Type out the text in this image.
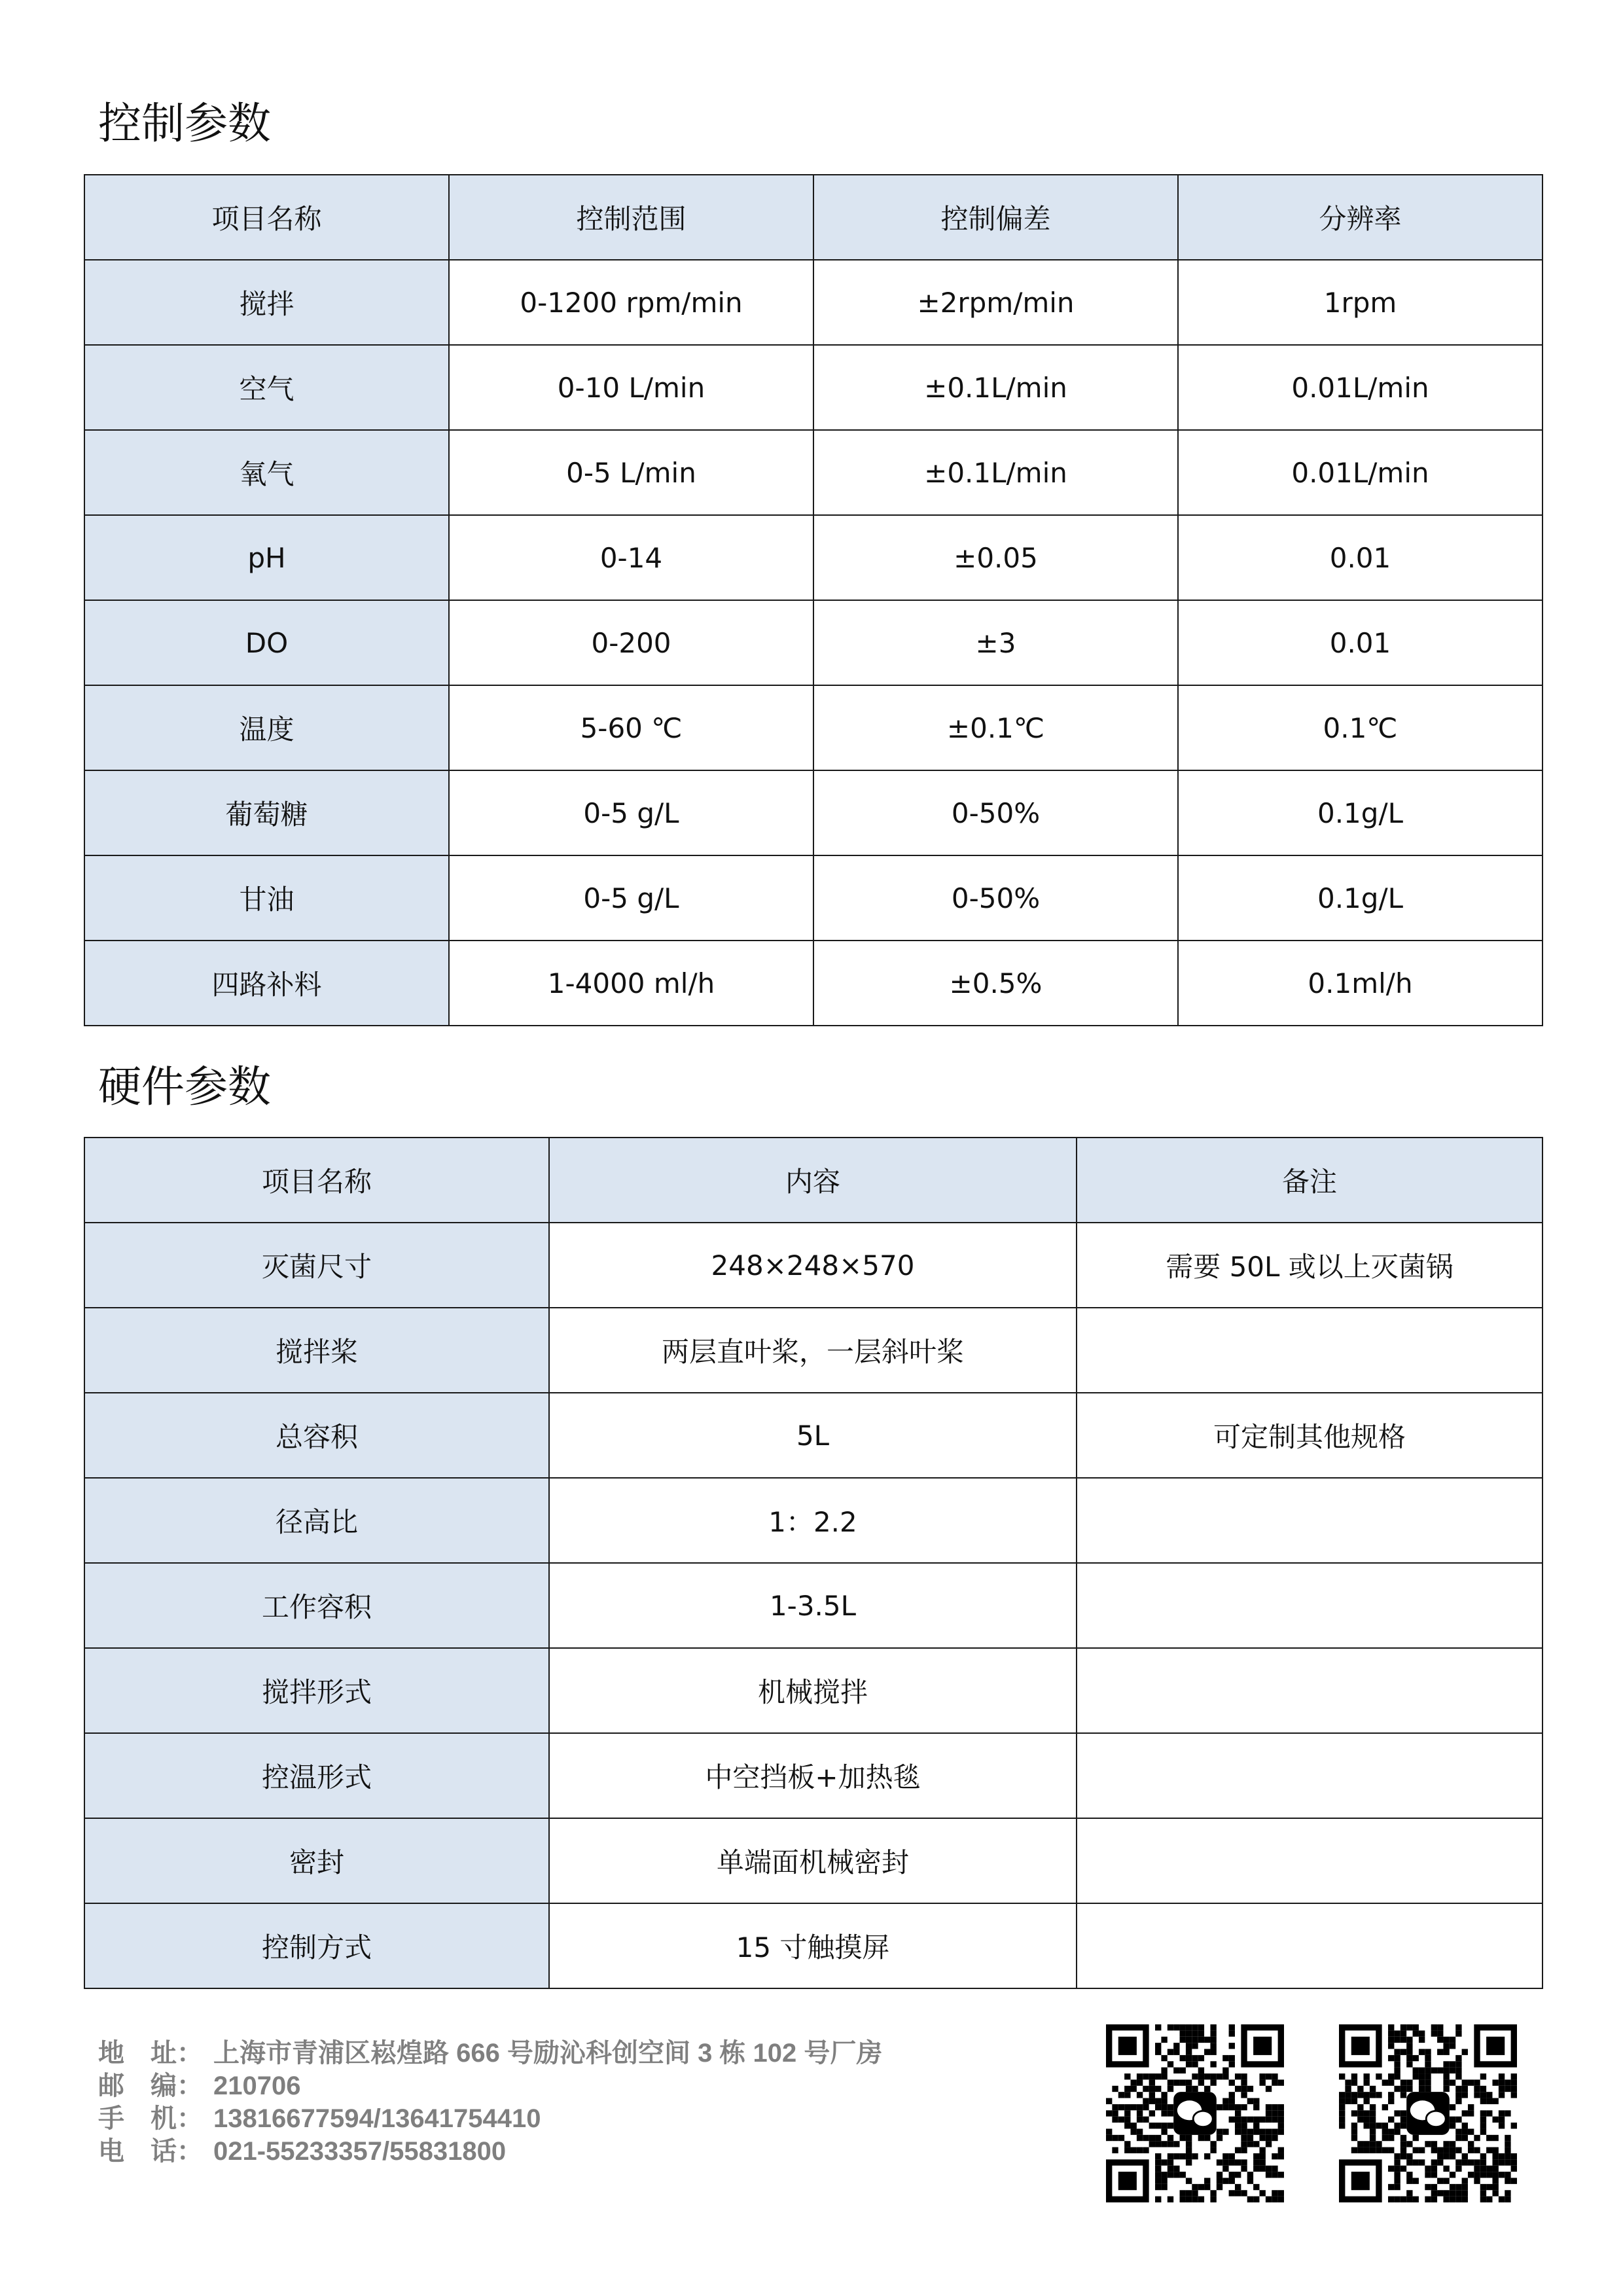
控制参数
项目名称	控制范围	控制偏差	分辨率
搅拌	0-1200 rpm/min	±2rpm/min	1rpm
空气	0-10 L/min	±0.1L/min	0.01L/min
氧气	0-5 L/min	±0.1L/min	0.01L/min
pH	0-14	±0.05	0.01
DO	0-200	±3	0.01
温度	5-60 ℃	±0.1℃	0.1℃
葡萄糖	0-5 g/L	0-50%	0.1g/L
甘油	0-5 g/L	0-50%	0.1g/L
四路补料	1-4000 ml/h	±0.5%	0.1ml/h
硬件参数
项目名称	内容	备注
灭菌尺寸	248×248×570	需要 50L 或以上灭菌锅
搅拌桨	两层直叶桨，一层斜叶桨	
总容积	5L	可定制其他规格
径高比	1：2.2	
工作容积	1-3.5L	
搅拌形式	机械搅拌	
控温形式	中空挡板+加热毯	
密封	单端面机械密封	
控制方式	15 寸触摸屏	
地　址： 上海市青浦区崧煌路 666 号励沁科创空间 3 栋 102 号厂房
邮　编： 210706
手　机： 13816677594/13641754410
电　话： 021-55233357/55831800
